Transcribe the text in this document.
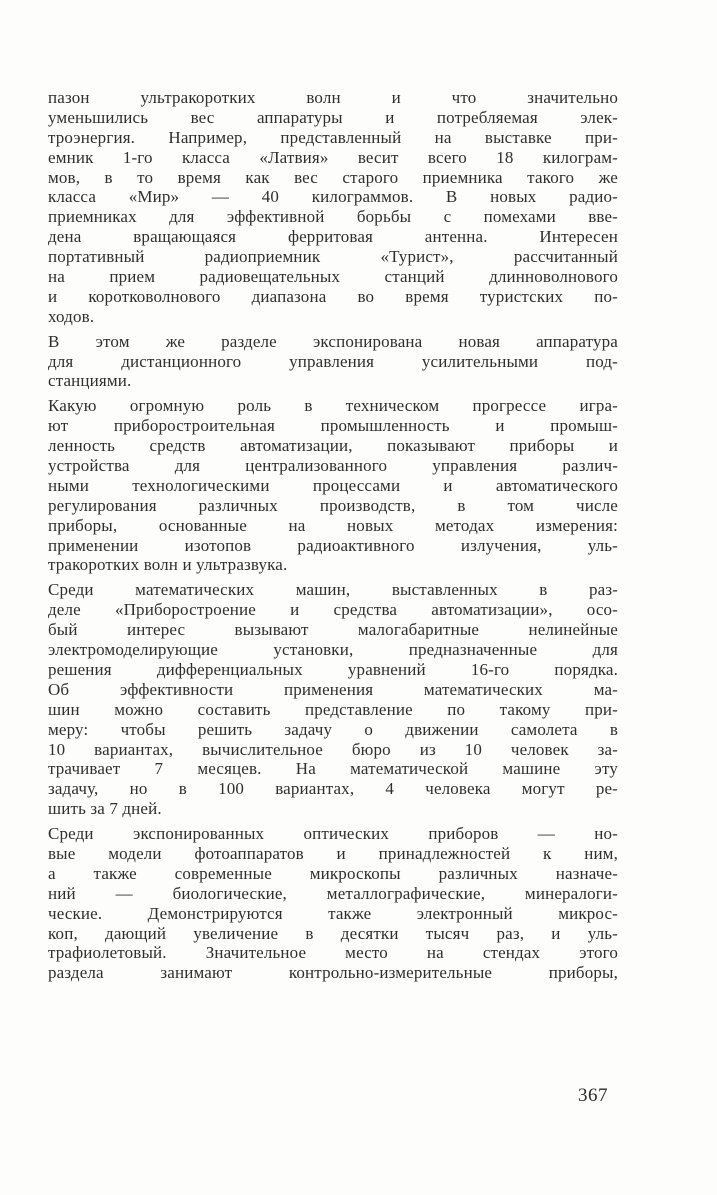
пазон ультракоротких волн и что значительно
уменьшились вес аппаратуры и потребляемая элек-
троэнергия. Например, представленный на выставке при-
емник 1-го класса «Латвия» весит всего 18 килограм-
мов, в то время как вес старого приемника такого же
класса «Мир» — 40 килограммов. В новых радио-
приемниках для эффективной борьбы с помехами вве-
дена вращающаяся ферритовая антенна. Интересен
портативный радиоприемник «Турист», рассчитанный
на прием радиовещательных станций длинноволнового
и коротковолнового диапазона во время туристских по-
ходов.
В этом же разделе экспонирована новая аппаратура
для дистанционного управления усилительными под-
станциями.
Какую огромную роль в техническом прогрессе игра-
ют приборостроительная промышленность и промыш-
ленность средств автоматизации, показывают приборы и
устройства для централизованного управления различ-
ными технологическими процессами и автоматического
регулирования различных производств, в том числе
приборы, основанные на новых методах измерения:
применении изотопов радиоактивного излучения, уль-
тракоротких волн и ультразвука.
Среди математических машин, выставленных в раз-
деле «Приборостроение и средства автоматизации», осо-
бый интерес вызывают малогабаритные нелинейные
электромоделирующие установки, предназначенные для
решения дифференциальных уравнений 16-го порядка.
Об эффективности применения математических ма-
шин можно составить представление по такому при-
меру: чтобы решить задачу о движении самолета в
10 вариантах, вычислительное бюро из 10 человек за-
трачивает 7 месяцев. На математической машине эту
задачу, но в 100 вариантах, 4 человека могут ре-
шить за 7 дней.
Среди экспонированных оптических приборов — но-
вые модели фотоаппаратов и принадлежностей к ним,
а также современные микроскопы различных назначе-
ний — биологические, металлографические, минералоги-
ческие. Демонстрируются также электронный микрос-
коп, дающий увеличение в десятки тысяч раз, и уль-
трафиолетовый. Значительное место на стендах этого
раздела занимают контрольно-измерительные приборы,
367
